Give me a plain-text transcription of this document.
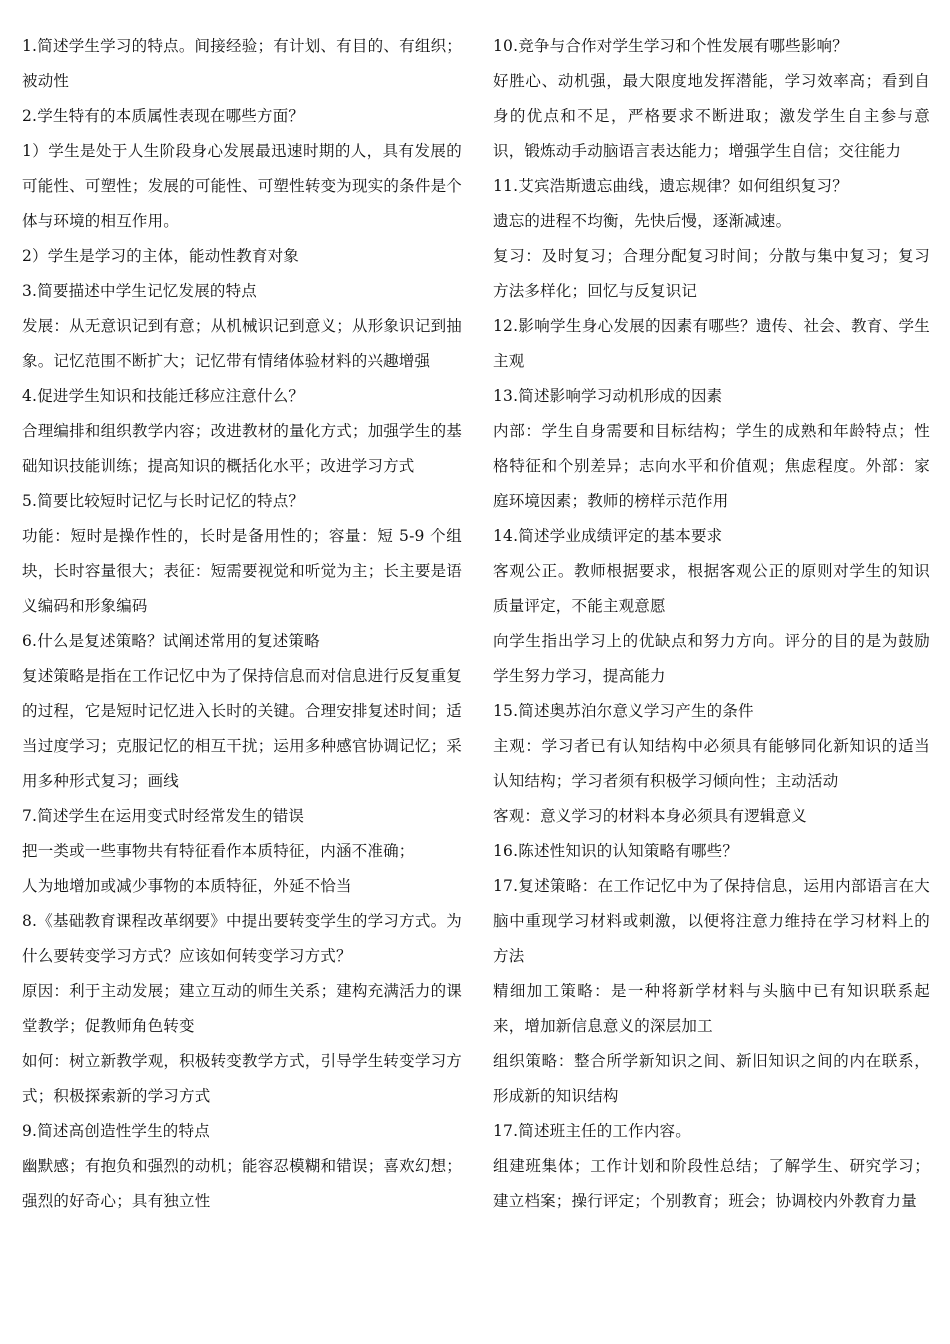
1.简述学生学习的特点。间接经验；有计划、有目的、有组织；被动性

2.学生特有的本质属性表现在哪些方面？

1）学生是处于人生阶段身心发展最迅速时期的人，具有发展的可能性、可塑性；发展的可能性、可塑性转变为现实的条件是个体与环境的相互作用。

2）学生是学习的主体，能动性教育对象

3.简要描述中学生记忆发展的特点

发展：从无意识记到有意；从机械识记到意义；从形象识记到抽象。记忆范围不断扩大；记忆带有情绪体验材料的兴趣增强

4.促进学生知识和技能迁移应注意什么？

合理编排和组织教学内容；改进教材的量化方式；加强学生的基础知识技能训练；提高知识的概括化水平；改进学习方式

5.简要比较短时记忆与长时记忆的特点？

功能：短时是操作性的，长时是备用性的；容量：短 5-9 个组块，长时容量很大；表征：短需要视觉和听觉为主；长主要是语义编码和形象编码

6.什么是复述策略？试阐述常用的复述策略

复述策略是指在工作记忆中为了保持信息而对信息进行反复重复的过程，它是短时记忆进入长时的关键。合理安排复述时间；适当过度学习；克服记忆的相互干扰；运用多种感官协调记忆；采用多种形式复习；画线

7.简述学生在运用变式时经常发生的错误

把一类或一些事物共有特征看作本质特征，内涵不准确；

人为地增加或减少事物的本质特征，外延不恰当

8.《基础教育课程改革纲要》中提出要转变学生的学习方式。为什么要转变学习方式？应该如何转变学习方式？

原因：利于主动发展；建立互动的师生关系；建构充满活力的课堂教学；促教师角色转变

如何：树立新教学观，积极转变教学方式，引导学生转变学习方式；积极探索新的学习方式

9.简述高创造性学生的特点

幽默感；有抱负和强烈的动机；能容忍模糊和错误；喜欢幻想；强烈的好奇心；具有独立性

10.竞争与合作对学生学习和个性发展有哪些影响？

好胜心、动机强，最大限度地发挥潜能，学习效率高；看到自身的优点和不足，严格要求不断进取；激发学生自主参与意识，锻炼动手动脑语言表达能力；增强学生自信；交往能力

11.艾宾浩斯遗忘曲线，遗忘规律？如何组织复习？

遗忘的进程不均衡，先快后慢，逐渐减速。

复习：及时复习；合理分配复习时间；分散与集中复习；复习方法多样化；回忆与反复识记

12.影响学生身心发展的因素有哪些？遗传、社会、教育、学生主观

13.简述影响学习动机形成的因素

内部：学生自身需要和目标结构；学生的成熟和年龄特点；性格特征和个别差异；志向水平和价值观；焦虑程度。外部：家庭环境因素；教师的榜样示范作用

14.简述学业成绩评定的基本要求

客观公正。教师根据要求，根据客观公正的原则对学生的知识质量评定，不能主观意愿

向学生指出学习上的优缺点和努力方向。评分的目的是为鼓励学生努力学习，提高能力

15.简述奥苏泊尔意义学习产生的条件

主观：学习者已有认知结构中必须具有能够同化新知识的适当认知结构；学习者须有积极学习倾向性；主动活动

客观：意义学习的材料本身必须具有逻辑意义

16.陈述性知识的认知策略有哪些？

17.复述策略：在工作记忆中为了保持信息，运用内部语言在大脑中重现学习材料或刺激，以便将注意力维持在学习材料上的方法

精细加工策略：是一种将新学材料与头脑中已有知识联系起来，增加新信息意义的深层加工

组织策略：整合所学新知识之间、新旧知识之间的内在联系，形成新的知识结构

17.简述班主任的工作内容。

组建班集体；工作计划和阶段性总结；了解学生、研究学习；建立档案；操行评定；个别教育；班会；协调校内外教育力量
